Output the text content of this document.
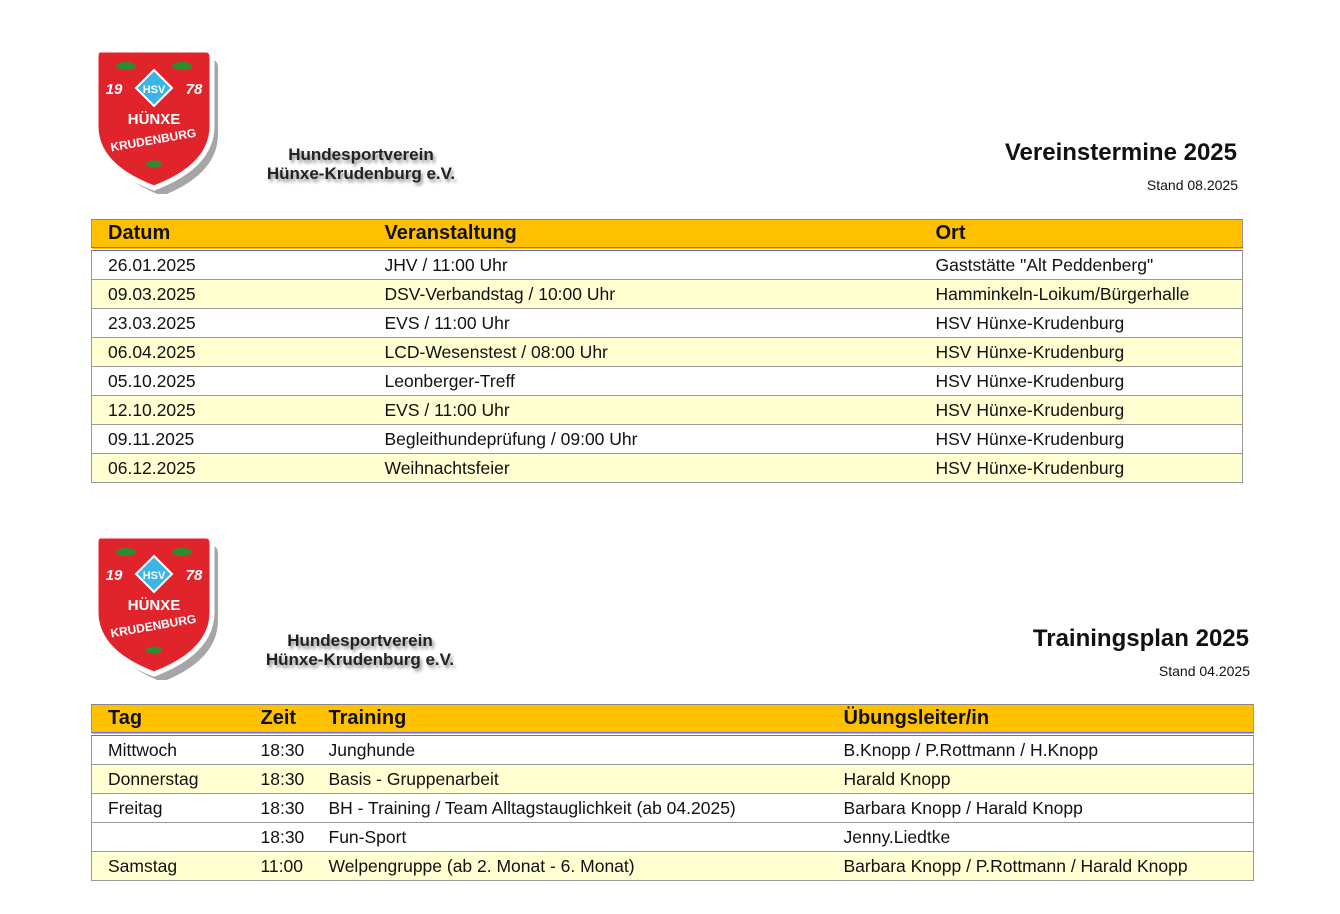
HSV
19	78
HÜNXE
KRUDENBURG
Hundesportverein
Hünxe-Krudenburg e.V.
Vereinstermine 2025
Stand 08.2025
Datum	Veranstaltung	Ort
26.01.2025	JHV / 11:00 Uhr	Gaststätte "Alt Peddenberg"
09.03.2025	DSV-Verbandstag / 10:00 Uhr	Hamminkeln-Loikum/Bürgerhalle
23.03.2025	EVS / 11:00 Uhr	HSV Hünxe-Krudenburg
06.04.2025	LCD-Wesenstest / 08:00 Uhr	HSV Hünxe-Krudenburg
05.10.2025	Leonberger-Treff	HSV Hünxe-Krudenburg
12.10.2025	EVS / 11:00 Uhr	HSV Hünxe-Krudenburg
09.11.2025	Begleithundeprüfung / 09:00 Uhr	HSV Hünxe-Krudenburg
06.12.2025	Weihnachtsfeier	HSV Hünxe-Krudenburg
HSV
19	78
HÜNXE
KRUDENBURG
Hundesportverein
Hünxe-Krudenburg e.V.
Trainingsplan 2025
Stand 04.2025
Tag	Zeit	Training	Übungsleiter/in
Mittwoch	18:30	Junghunde	B.Knopp / P.Rottmann / H.Knopp
Donnerstag	18:30	Basis - Gruppenarbeit	Harald Knopp
Freitag	18:30	BH - Training / Team Alltagstauglichkeit (ab 04.2025)	Barbara Knopp / Harald Knopp
	18:30	Fun-Sport	Jenny.Liedtke
Samstag	11:00	Welpengruppe (ab 2. Monat - 6. Monat)	Barbara Knopp / P.Rottmann / Harald Knopp
